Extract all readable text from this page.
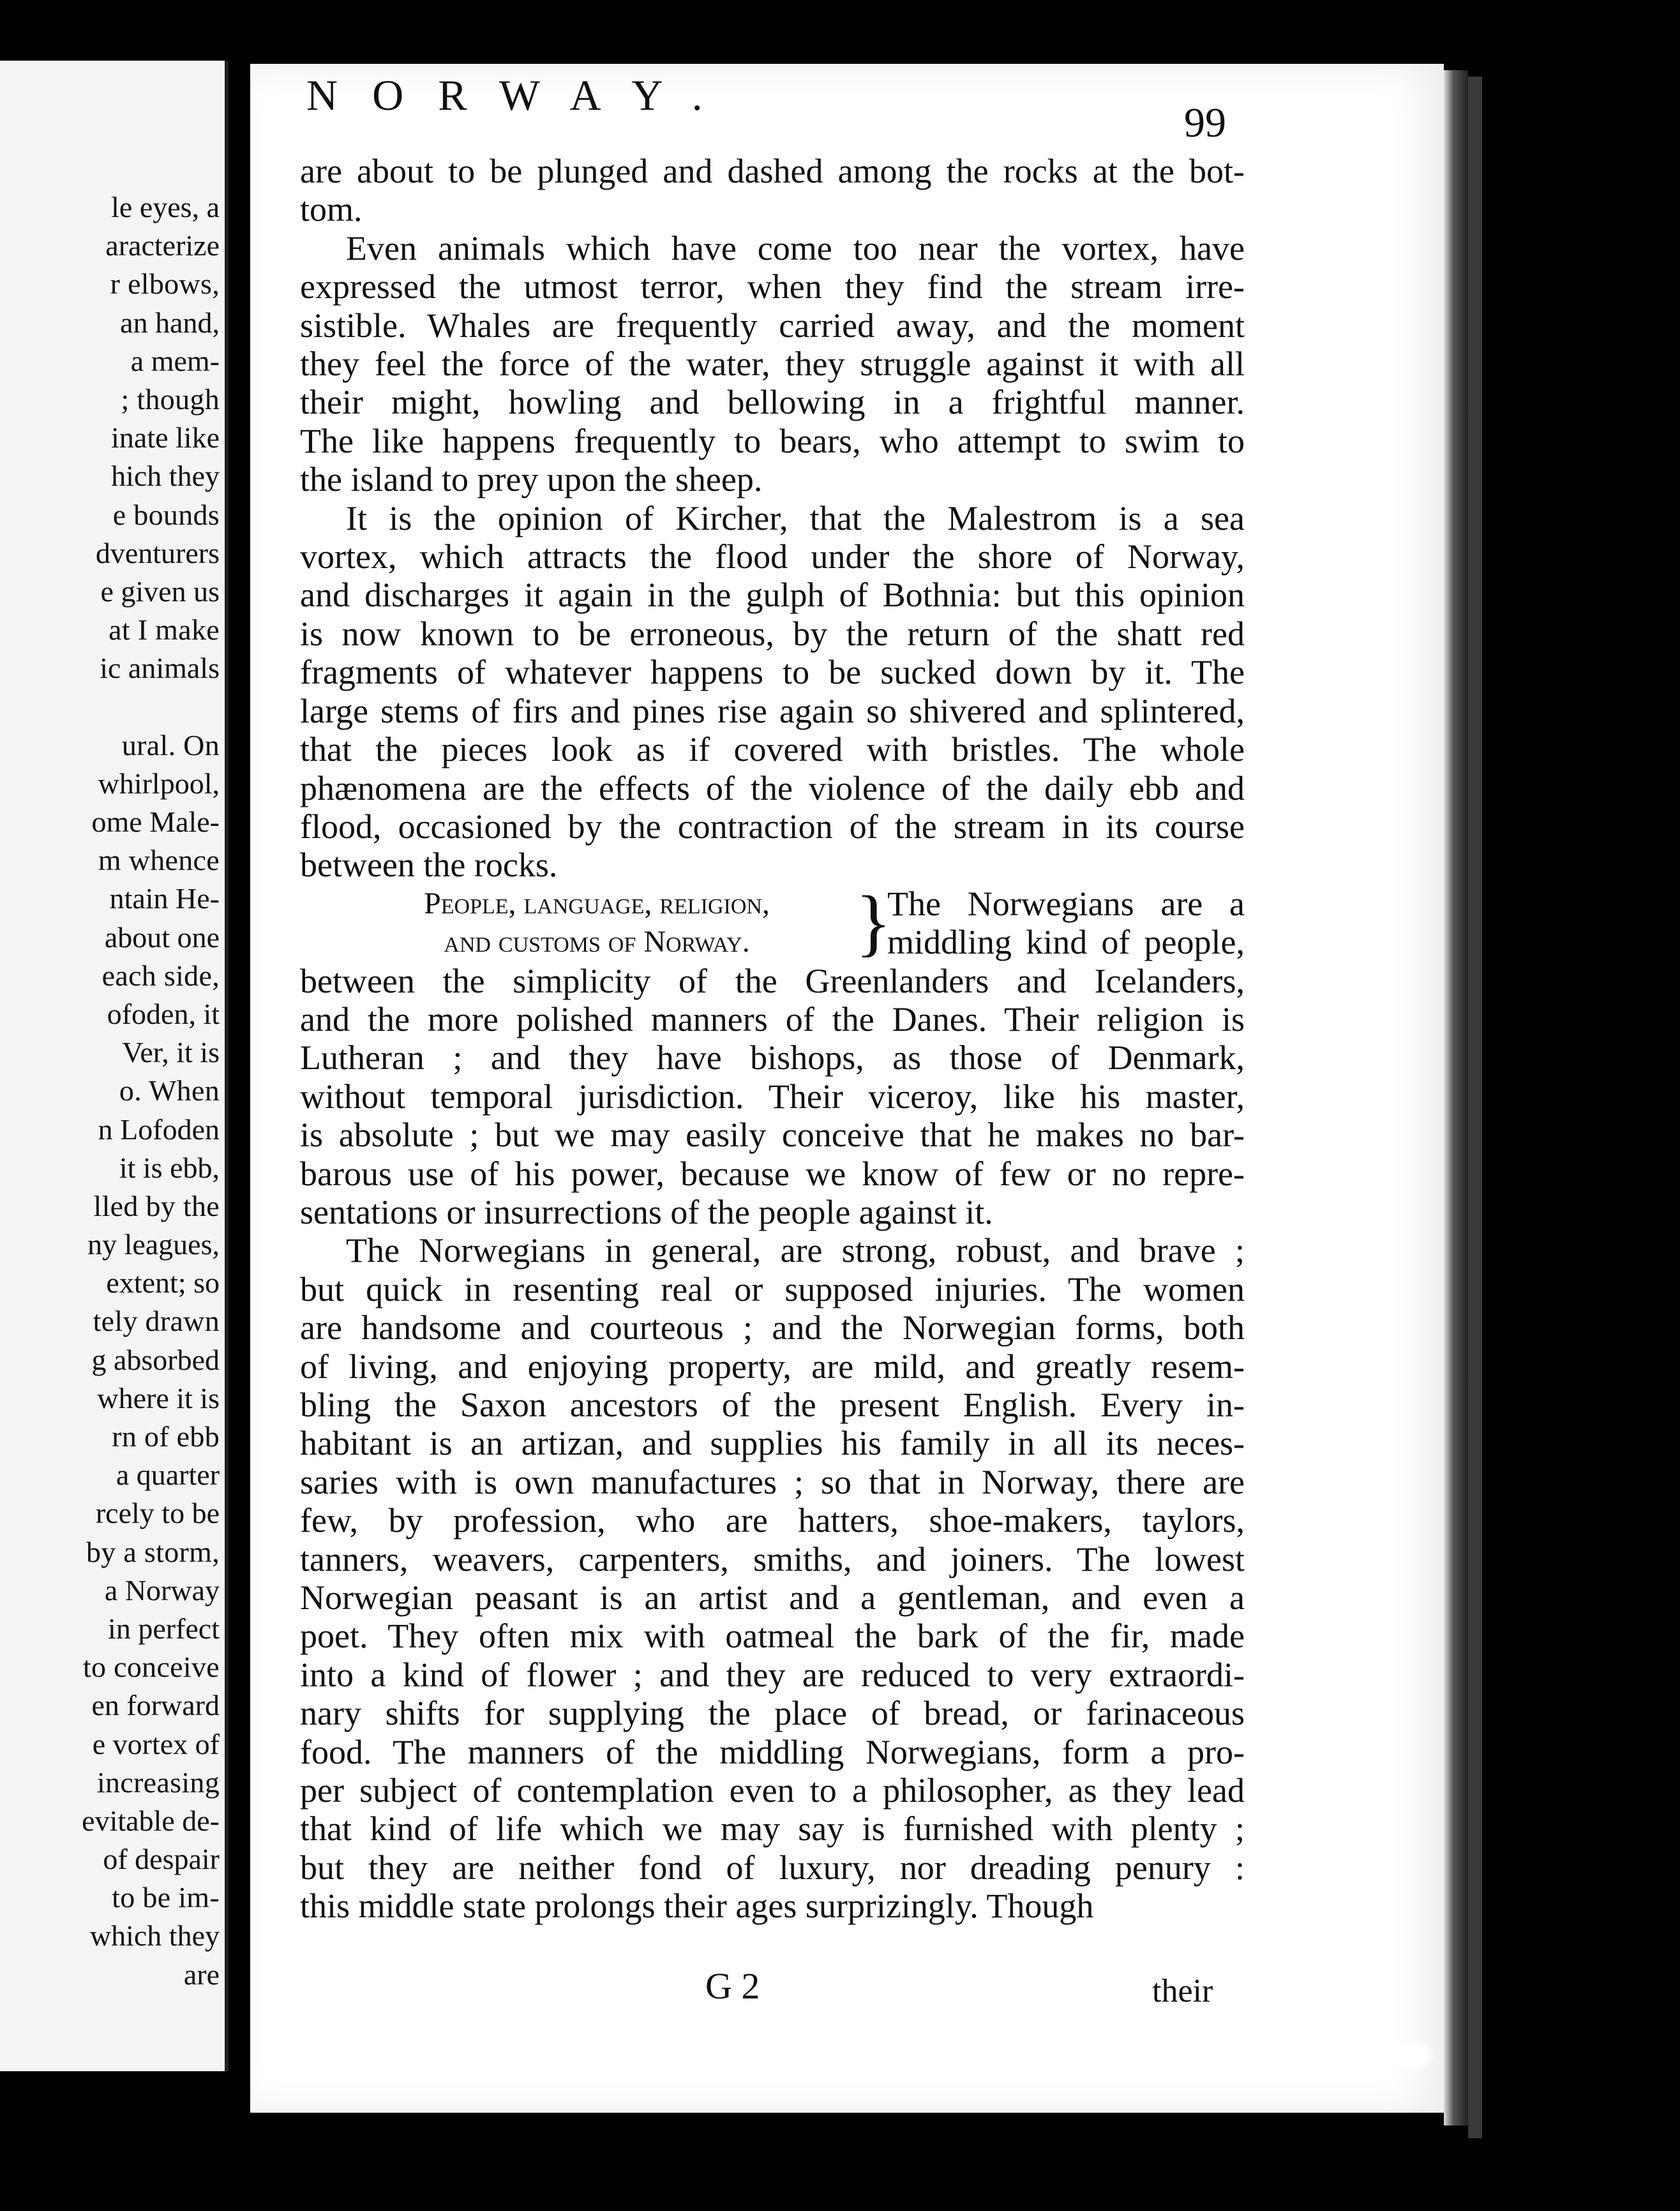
le eyes, a
aracterize
r elbows,
an hand,
a mem-
; though
inate like
hich they
e bounds
dventurers
e given us
at I make
ic animals
ural. On
whirlpool,
ome Male-
m whence
ntain He-
about one
each side,
ofoden, it
Ver, it is
o. When
n Lofoden
it is ebb,
lled by the
ny leagues,
extent; so
tely drawn
g absorbed
where it is
rn of ebb
a quarter
rcely to be
by a storm,
a Norway
in perfect
to conceive
en forward
e vortex of
increasing
evitable de-
of despair
to be im-
which they
are
NORWAY.
99

are about to be plunged and dashed among the rocks at the bot-
tom.

Even animals which have come too near the vortex, have
expressed the utmost terror, when they find the stream irre-
sistible. Whales are frequently carried away, and the moment
they feel the force of the water, they struggle against it with all
their might, howling and bellowing in a frightful manner.
The like happens frequently to bears, who attempt to swim to
the island to prey upon the sheep.

It is the opinion of Kircher, that the Malestrom is a sea
vortex, which attracts the flood under the shore of Norway,
and discharges it again in the gulph of Bothnia: but this opinion
is now known to be erroneous, by the return of the shatt red
fragments of whatever happens to be sucked down by it. The
large stems of firs and pines rise again so shivered and splintered,
that the pieces look as if covered with bristles. The whole
phænomena are the effects of the violence of the daily ebb and
flood, occasioned by the contraction of the stream in its course
between the rocks.

People, language, religion,
and customs of Norway.	}
The Norwegians are a
middling kind of people,

between the simplicity of the Greenlanders and Icelanders,
and the more polished manners of the Danes. Their religion is
Lutheran ; and they have bishops, as those of Denmark,
without temporal jurisdiction. Their viceroy, like his master,
is absolute ; but we may easily conceive that he makes no bar-
barous use of his power, because we know of few or no repre-
sentations or insurrections of the people against it.

The Norwegians in general, are strong, robust, and brave ;
but quick in resenting real or supposed injuries. The women
are handsome and courteous ; and the Norwegian forms, both
of living, and enjoying property, are mild, and greatly resem-
bling the Saxon ancestors of the present English. Every in-
habitant is an artizan, and supplies his family in all its neces-
saries with is own manufactures ; so that in Norway, there are
few, by profession, who are hatters, shoe-makers, taylors,
tanners, weavers, carpenters, smiths, and joiners. The lowest
Norwegian peasant is an artist and a gentleman, and even a
poet. They often mix with oatmeal the bark of the fir, made
into a kind of flower ; and they are reduced to very extraordi-
nary shifts for supplying the place of bread, or farinaceous
food. The manners of the middling Norwegians, form a pro-
per subject of contemplation even to a philosopher, as they lead
that kind of life which we may say is furnished with plenty ;
but they are neither fond of luxury, nor dreading penury :
this middle state prolongs their ages surprizingly. Though

G 2	their
